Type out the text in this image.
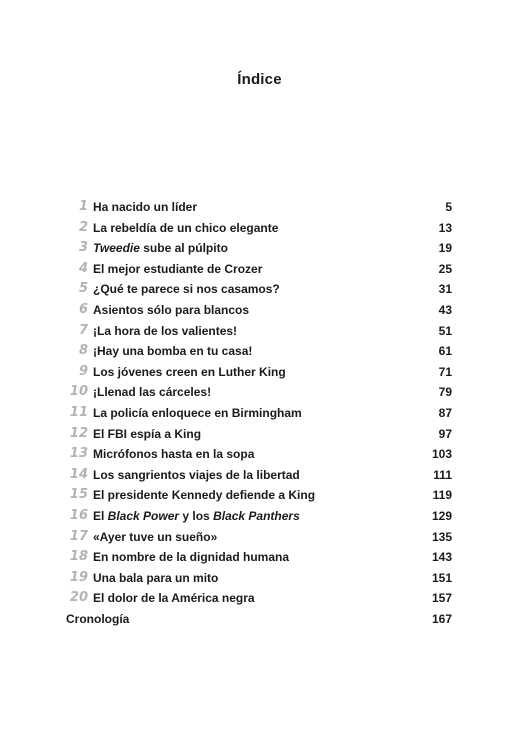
Índice
1 Ha nacido un líder	5
2 La rebeldía de un chico elegante	13
3 Tweedie sube al púlpito	19
4 El mejor estudiante de Crozer	25
5 ¿Qué te parece si nos casamos?	31
6 Asientos sólo para blancos	43
7 ¡La hora de los valientes!	51
8 ¡Hay una bomba en tu casa!	61
9 Los jóvenes creen en Luther King	71
10 ¡Llenad las cárceles!	79
11 La policía enloquece en Birmingham	87
12 El FBI espía a King	97
13 Micrófonos hasta en la sopa	103
14 Los sangrientos viajes de la libertad	111
15 El presidente Kennedy defiende a King	119
16 El Black Power y los Black Panthers	129
17 «Ayer tuve un sueño»	135
18 En nombre de la dignidad humana	143
19 Una bala para un mito	151
20 El dolor de la América negra	157
Cronología	167
